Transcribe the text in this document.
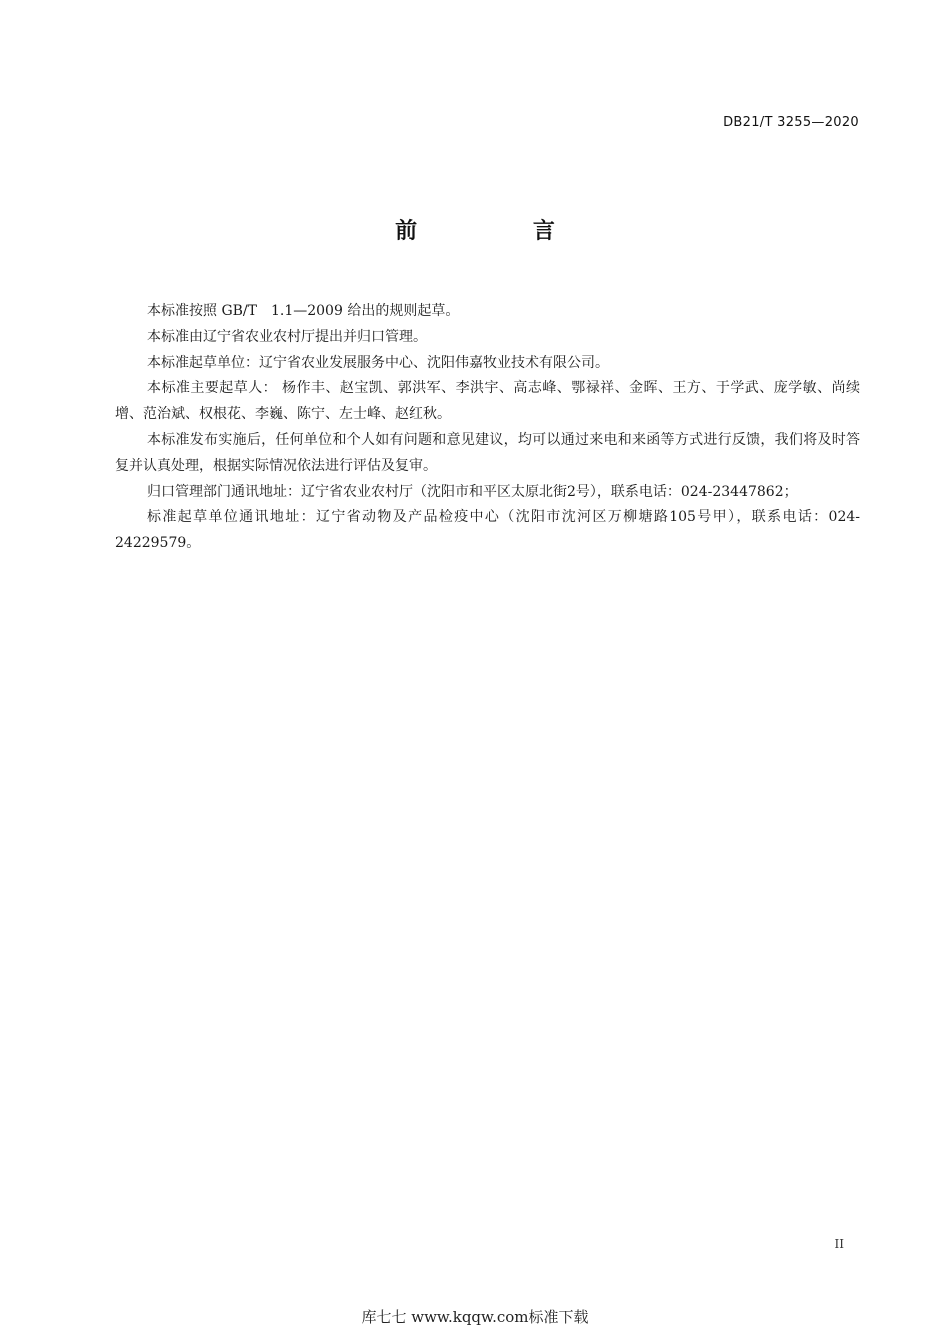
DB21/T 3255—2020
前 言

本标准按照 GB/T　1.1—2009 给出的规则起草。

本标准由辽宁省农业农村厅提出并归口管理。

本标准起草单位：辽宁省农业发展服务中心、沈阳伟嘉牧业技术有限公司。

本标准主要起草人： 杨作丰、赵宝凯、郭洪军、李洪宇、高志峰、鄂禄祥、金晖、王方、于学武、庞学敏、尚续增、范治斌、权根花、李巍、陈宁、左士峰、赵红秋。

本标准发布实施后，任何单位和个人如有问题和意见建议，均可以通过来电和来函等方式进行反馈，我们将及时答复并认真处理，根据实际情况依法进行评估及复审。

归口管理部门通讯地址：辽宁省农业农村厅（沈阳市和平区太原北街2号），联系电话：024-23447862；

标准起草单位通讯地址：辽宁省动物及产品检疫中心（沈阳市沈河区万柳塘路105号甲），联系电话：024-24229579。

II
库七七 www.kqqw.com标准下载
